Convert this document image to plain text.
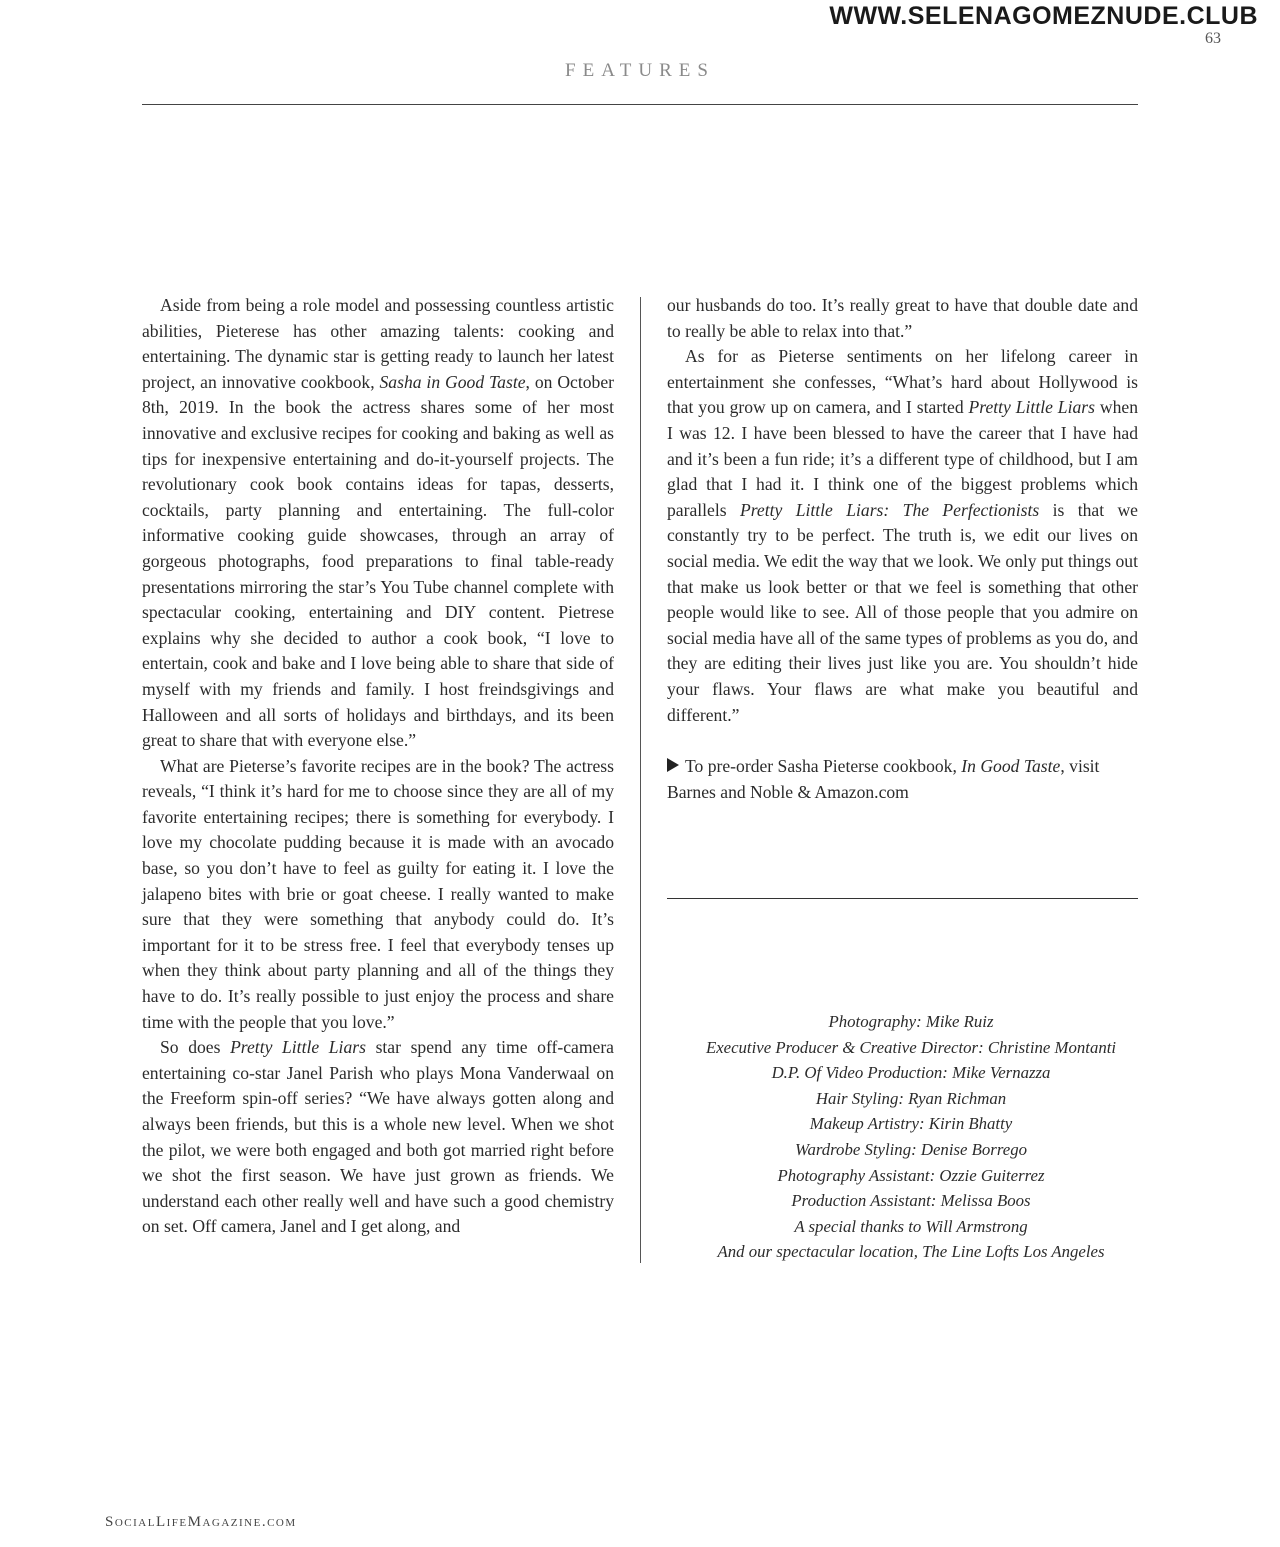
WWW.SELENAGOMEZNUDE.CLUB
63
FEATURES

Aside from being a role model and possessing countless artistic abilities, Pieterese has other amazing talents: cooking and entertaining. The dynamic star is getting ready to launch her latest project, an innovative cookbook, Sasha in Good Taste, on October 8th, 2019. In the book the actress shares some of her most innovative and exclusive recipes for cooking and baking as well as tips for inexpensive entertaining and do-it-yourself projects. The revolutionary cook book contains ideas for tapas, desserts, cocktails, party planning and entertaining. The full-color informative cooking guide showcases, through an array of gorgeous photographs, food preparations to final table-ready presentations mirroring the star’s You Tube channel complete with spectacular cooking, entertaining and DIY content. Pietrese explains why she decided to author a cook book, “I love to entertain, cook and bake and I love being able to share that side of myself with my friends and family. I host freindsgivings and Halloween and all sorts of holidays and birthdays, and its been great to share that with everyone else.”

What are Pieterse’s favorite recipes are in the book? The actress reveals, “I think it’s hard for me to choose since they are all of my favorite entertaining recipes; there is something for everybody. I love my chocolate pudding because it is made with an avocado base, so you don’t have to feel as guilty for eating it. I love the jalapeno bites with brie or goat cheese. I really wanted to make sure that they were something that anybody could do. It’s important for it to be stress free. I feel that everybody tenses up when they think about party planning and all of the things they have to do. It’s really possible to just enjoy the process and share time with the people that you love.”

So does Pretty Little Liars star spend any time off-camera entertaining co-star Janel Parish who plays Mona Vanderwaal on the Freeform spin-off series? “We have always gotten along and always been friends, but this is a whole new level. When we shot the pilot, we were both engaged and both got married right before we shot the first season. We have just grown as friends. We understand each other really well and have such a good chemistry on set. Off camera, Janel and I get along, and

our husbands do too. It’s really great to have that double date and to really be able to relax into that.”

As for as Pieterse sentiments on her lifelong career in entertainment she confesses, “What’s hard about Hollywood is that you grow up on camera, and I started Pretty Little Liars when I was 12. I have been blessed to have the career that I have had and it’s been a fun ride; it’s a different type of childhood, but I am glad that I had it. I think one of the biggest problems which parallels Pretty Little Liars: The Perfectionists is that we constantly try to be perfect. The truth is, we edit our lives on social media. We edit the way that we look. We only put things out that make us look better or that we feel is something that other people would like to see. All of those people that you admire on social media have all of the same types of problems as you do, and they are editing their lives just like you are. You shouldn’t hide your flaws. Your flaws are what make you beautiful and different.”

To pre-order Sasha Pieterse cookbook, In Good Taste, visit Barnes and Noble & Amazon.com

Photography: Mike Ruiz
Executive Producer & Creative Director: Christine Montanti
D.P. Of Video Production: Mike Vernazza
Hair Styling: Ryan Richman
Makeup Artistry: Kirin Bhatty
Wardrobe Styling: Denise Borrego
Photography Assistant: Ozzie Guiterrez
Production Assistant: Melissa Boos
A special thanks to Will Armstrong
And our spectacular location, The Line Lofts Los Angeles
SocialLifeMagazine.com
